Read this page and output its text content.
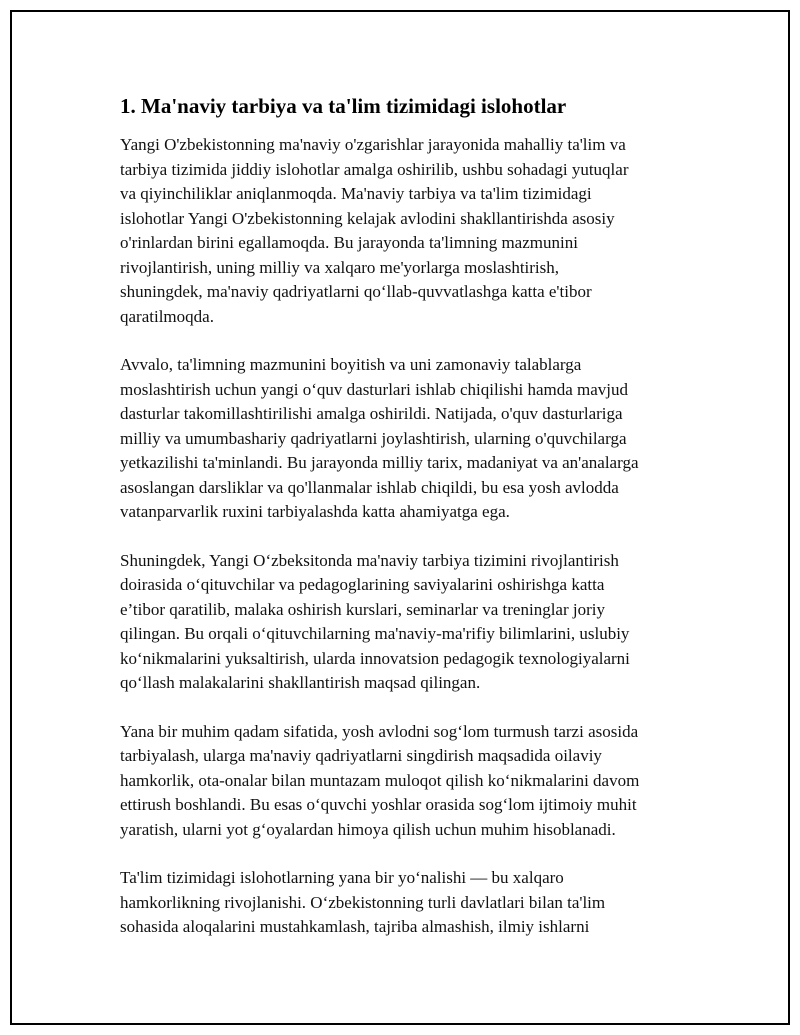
1. Ma'naviy tarbiya va ta'lim tizimidagi islohotlar

Yangi O'zbekistonning ma'naviy o'zgarishlar jarayonida mahalliy ta'lim va
tarbiya tizimida jiddiy islohotlar amalga oshirilib, ushbu sohadagi yutuqlar
va qiyinchiliklar aniqlanmoqda. Ma'naviy tarbiya va ta'lim tizimidagi
islohotlar Yangi O'zbekistonning kelajak avlodini shakllantirishda asosiy
o'rinlardan birini egallamoqda. Bu jarayonda ta'limning mazmunini
rivojlantirish, uning milliy va xalqaro me'yorlarga moslashtirish,
shuningdek, ma'naviy qadriyatlarni qo‘llab-quvvatlashga katta e'tibor
qaratilmoqda.

Avvalo, ta'limning mazmunini boyitish va uni zamonaviy talablarga
moslashtirish uchun yangi o‘quv dasturlari ishlab chiqilishi hamda mavjud
dasturlar takomillashtirilishi amalga oshirildi. Natijada, o'quv dasturlariga
milliy va umumbashariy qadriyatlarni joylashtirish, ularning o'quvchilarga
yetkazilishi ta'minlandi. Bu jarayonda milliy tarix, madaniyat va an'analarga
asoslangan darsliklar va qo'llanmalar ishlab chiqildi, bu esa yosh avlodda
vatanparvarlik ruxini tarbiyalashda katta ahamiyatga ega.

Shuningdek, Yangi O‘zbeksitonda ma'naviy tarbiya tizimini rivojlantirish
doirasida o‘qituvchilar va pedagoglarining saviyalarini oshirishga katta
e’tibor qaratilib, malaka oshirish kurslari, seminarlar va treninglar joriy
qilingan. Bu orqali o‘qituvchilarning ma'naviy-ma'rifiy bilimlarini, uslubiy
ko‘nikmalarini yuksaltirish, ularda innovatsion pedagogik texnologiyalarni
qo‘llash malakalarini shakllantirish maqsad qilingan.

Yana bir muhim qadam sifatida, yosh avlodni sog‘lom turmush tarzi asosida
tarbiyalash, ularga ma'naviy qadriyatlarni singdirish maqsadida oilaviy
hamkorlik, ota-onalar bilan muntazam muloqot qilish ko‘nikmalarini davom
ettirush boshlandi. Bu esas o‘quvchi yoshlar orasida sog‘lom ijtimoiy muhit
yaratish, ularni yot g‘oyalardan himoya qilish uchun muhim hisoblanadi.

Ta'lim tizimidagi islohotlarning yana bir yo‘nalishi — bu xalqaro
hamkorlikning rivojlanishi. O‘zbekistonning turli davlatlari bilan ta'lim
sohasida aloqalarini mustahkamlash, tajriba almashish, ilmiy ishlarni
